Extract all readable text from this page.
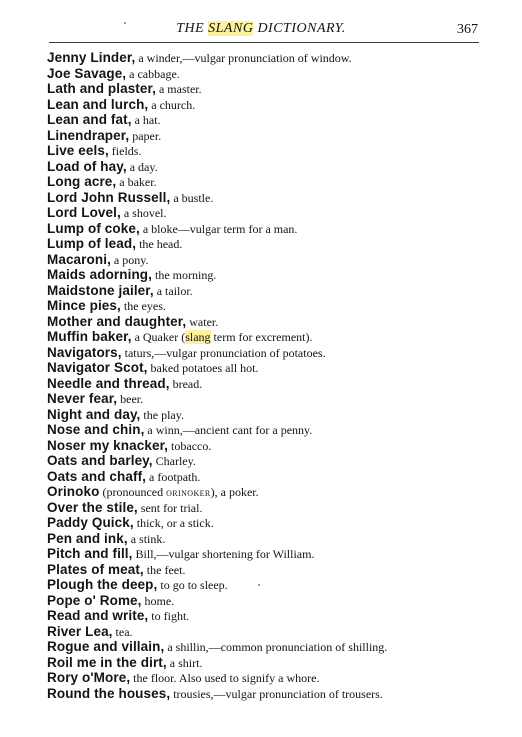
THE SLANG DICTIONARY.	367
Jenny Linder, a winder,—vulgar pronunciation of window.
Joe Savage, a cabbage.
Lath and plaster, a master.
Lean and lurch, a church.
Lean and fat, a hat.
Linendraper, paper.
Live eels, fields.
Load of hay, a day.
Long acre, a baker.
Lord John Russell, a bustle.
Lord Lovel, a shovel.
Lump of coke, a bloke—vulgar term for a man.
Lump of lead, the head.
Macaroni, a pony.
Maids adorning, the morning.
Maidstone jailer, a tailor.
Mince pies, the eyes.
Mother and daughter, water.
Muffin baker, a Quaker (slang term for excrement).
Navigators, taturs,—vulgar pronunciation of potatoes.
Navigator Scot, baked potatoes all hot.
Needle and thread, bread.
Never fear, beer.
Night and day, the play.
Nose and chin, a winn,—ancient cant for a penny.
Noser my knacker, tobacco.
Oats and barley, Charley.
Oats and chaff, a footpath.
Orinoko (pronounced orinoker), a poker.
Over the stile, sent for trial.
Paddy Quick, thick, or a stick.
Pen and ink, a stink.
Pitch and fill, Bill,—vulgar shortening for William.
Plates of meat, the feet.
Plough the deep, to go to sleep.
Pope o' Rome, home.
Read and write, to fight.
River Lea, tea.
Rogue and villain, a shillin,—common pronunciation of shilling.
Roil me in the dirt, a shirt.
Rory o'More, the floor. Also used to signify a whore.
Round the houses, trousies,—vulgar pronunciation of trousers.
